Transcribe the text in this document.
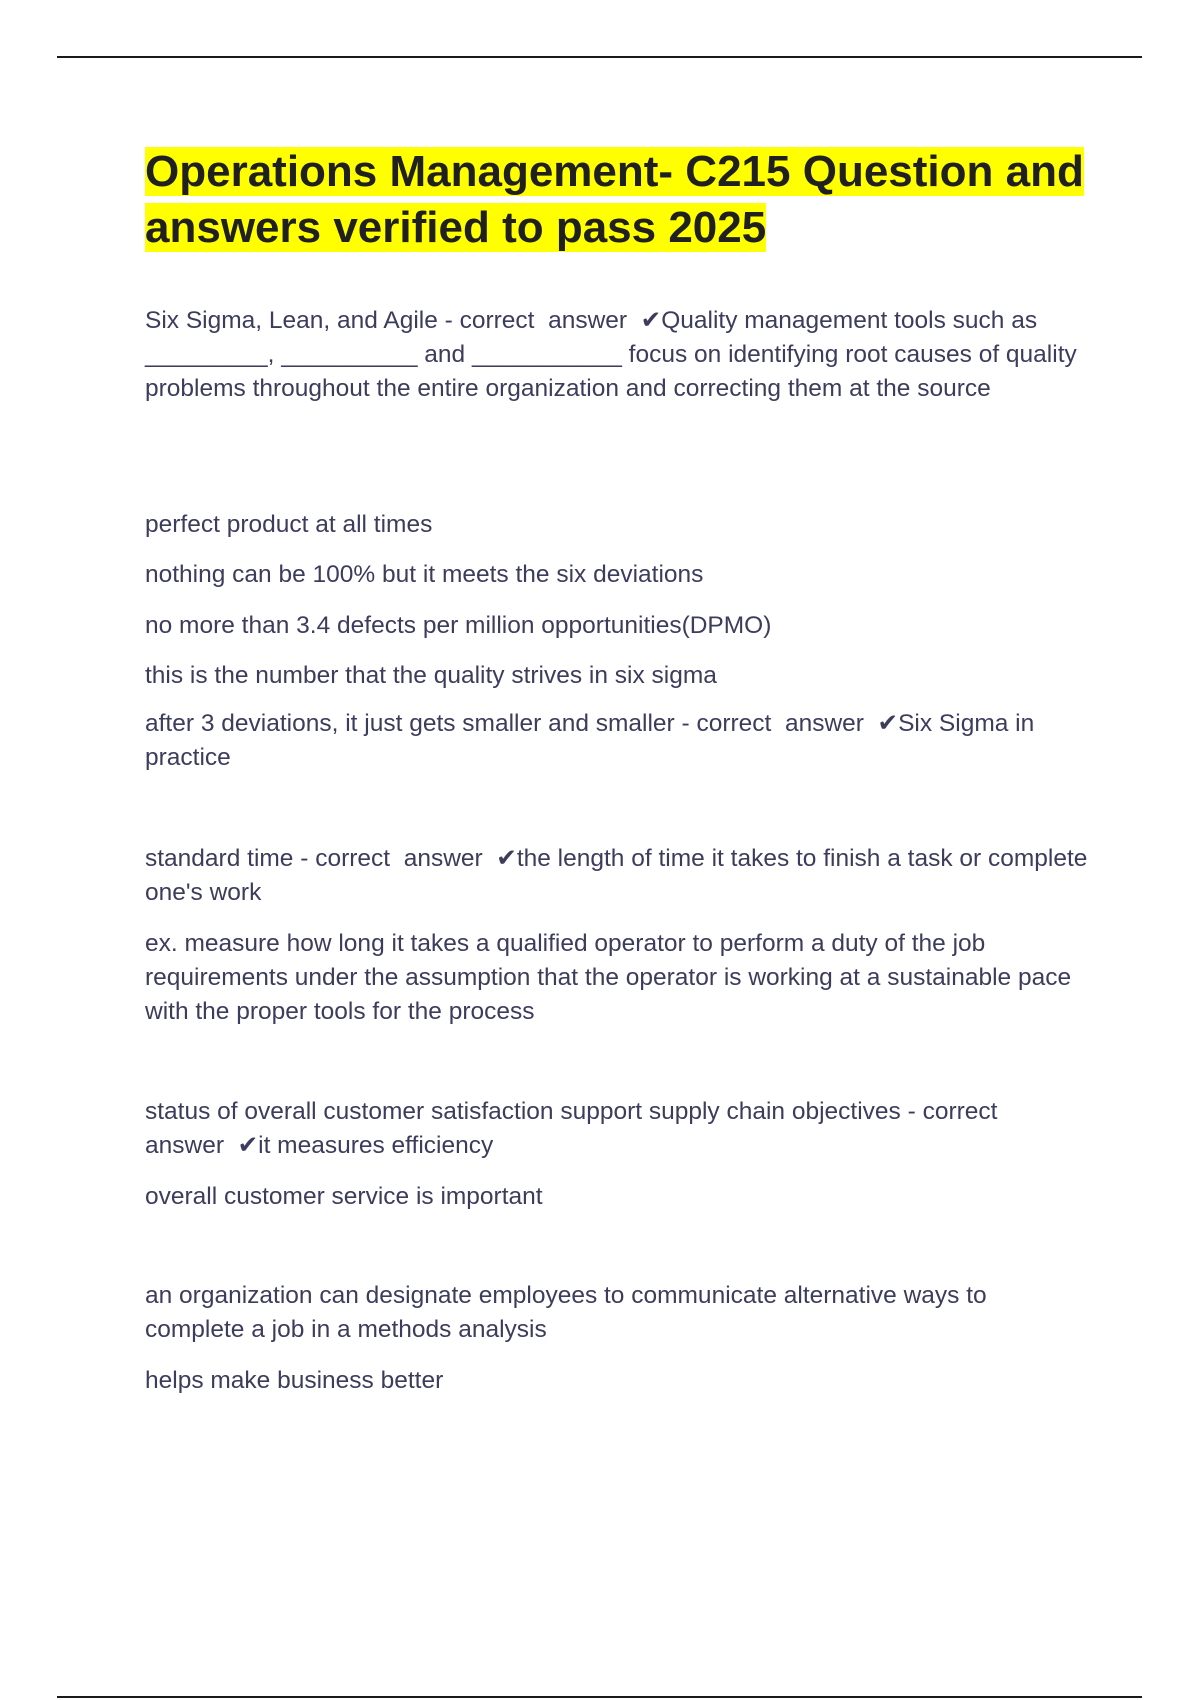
Operations Management- C215 Question and answers verified to pass 2025

Six Sigma, Lean, and Agile - correct  answer  ✔Quality management tools such as _________, __________ and ___________ focus on identifying root causes of quality problems throughout the entire organization and correcting them at the source

perfect product at all times

nothing can be 100% but it meets the six deviations

no more than 3.4 defects per million opportunities(DPMO)

this is the number that the quality strives in six sigma

after 3 deviations, it just gets smaller and smaller - correct  answer  ✔Six Sigma in practice

standard time - correct  answer  ✔the length of time it takes to finish a task or complete one's work

ex. measure how long it takes a qualified operator to perform a duty of the job requirements under the assumption that the operator is working at a sustainable pace with the proper tools for the process

status of overall customer satisfaction support supply chain objectives - correct  answer  ✔it measures efficiency

overall customer service is important

an organization can designate employees to communicate alternative ways to complete a job in a methods analysis

helps make business better
